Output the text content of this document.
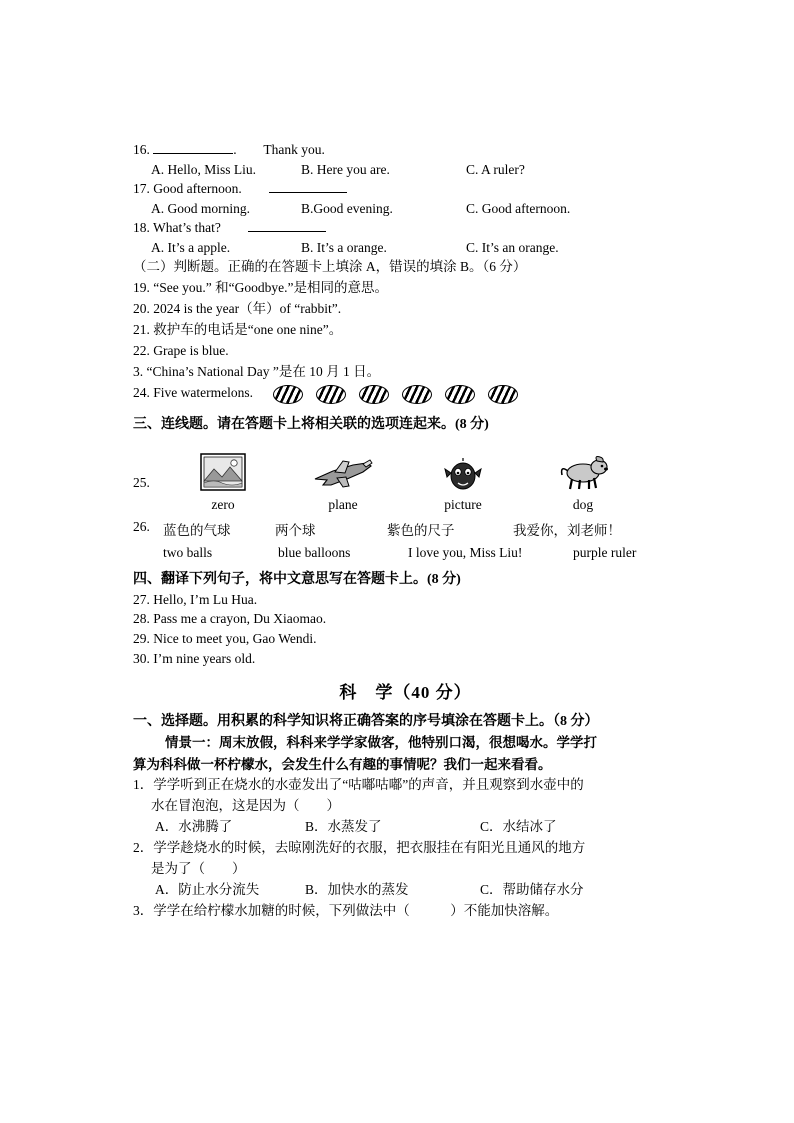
16.	.        Thank you.
A. Hello, Miss Liu.	B. Here you are.	C. A ruler?
17. Good afternoon.
A. Good morning.	B.Good evening.	C. Good afternoon.
18. What’s that?
A. It’s a apple.	B. It’s a orange.	C. It’s an orange.
（二）判断题。正确的在答题卡上填涂 A，错误的填涂 B。（6 分）
19. “See you.” 和“Goodbye.”是相同的意思。
20. 2024 is the year（年）of “rabbit”.
21. 救护车的电话是“one one nine”。
22. Grape is blue.
3. “China’s National Day ”是在 10 月 1 日。
24. Five watermelons.
三、连线题。请在答题卡上将相关联的选项连起来。(8 分)
25.
zero	plane	picture	dog
26. 蓝色的气球	两个球	紫色的尺子	我爱你，刘老师！
two balls	blue balloons	I love you, Miss Liu!	purple ruler
四、翻译下列句子，将中文意思写在答题卡上。(8 分)
27. Hello, I’m Lu Hua.
28. Pass me a crayon, Du Xiaomao.
29. Nice to meet you, Gao Wendi.
30. I’m nine years old.
科　学（40 分）
一、选择题。用积累的科学知识将正确答案的序号填涂在答题卡上。（8 分）
情景一：周末放假，科科来学学家做客，他特别口渴，很想喝水。学学打
算为科科做一杯柠檬水，会发生什么有趣的事情呢？我们一起来看看。
1．学学听到正在烧水的水壶发出了“咕嘟咕嘟”的声音，并且观察到水壶中的
水在冒泡泡，这是因为（　　）
A．水沸腾了	B．水蒸发了	C．水结冰了
2．学学趁烧水的时候，去晾刚洗好的衣服，把衣服挂在有阳光且通风的地方
是为了（　　）
A．防止水分流失	B．加快水的蒸发	C．帮助储存水分
3．学学在给柠檬水加糖的时候，下列做法中（　　　）不能加快溶解。
